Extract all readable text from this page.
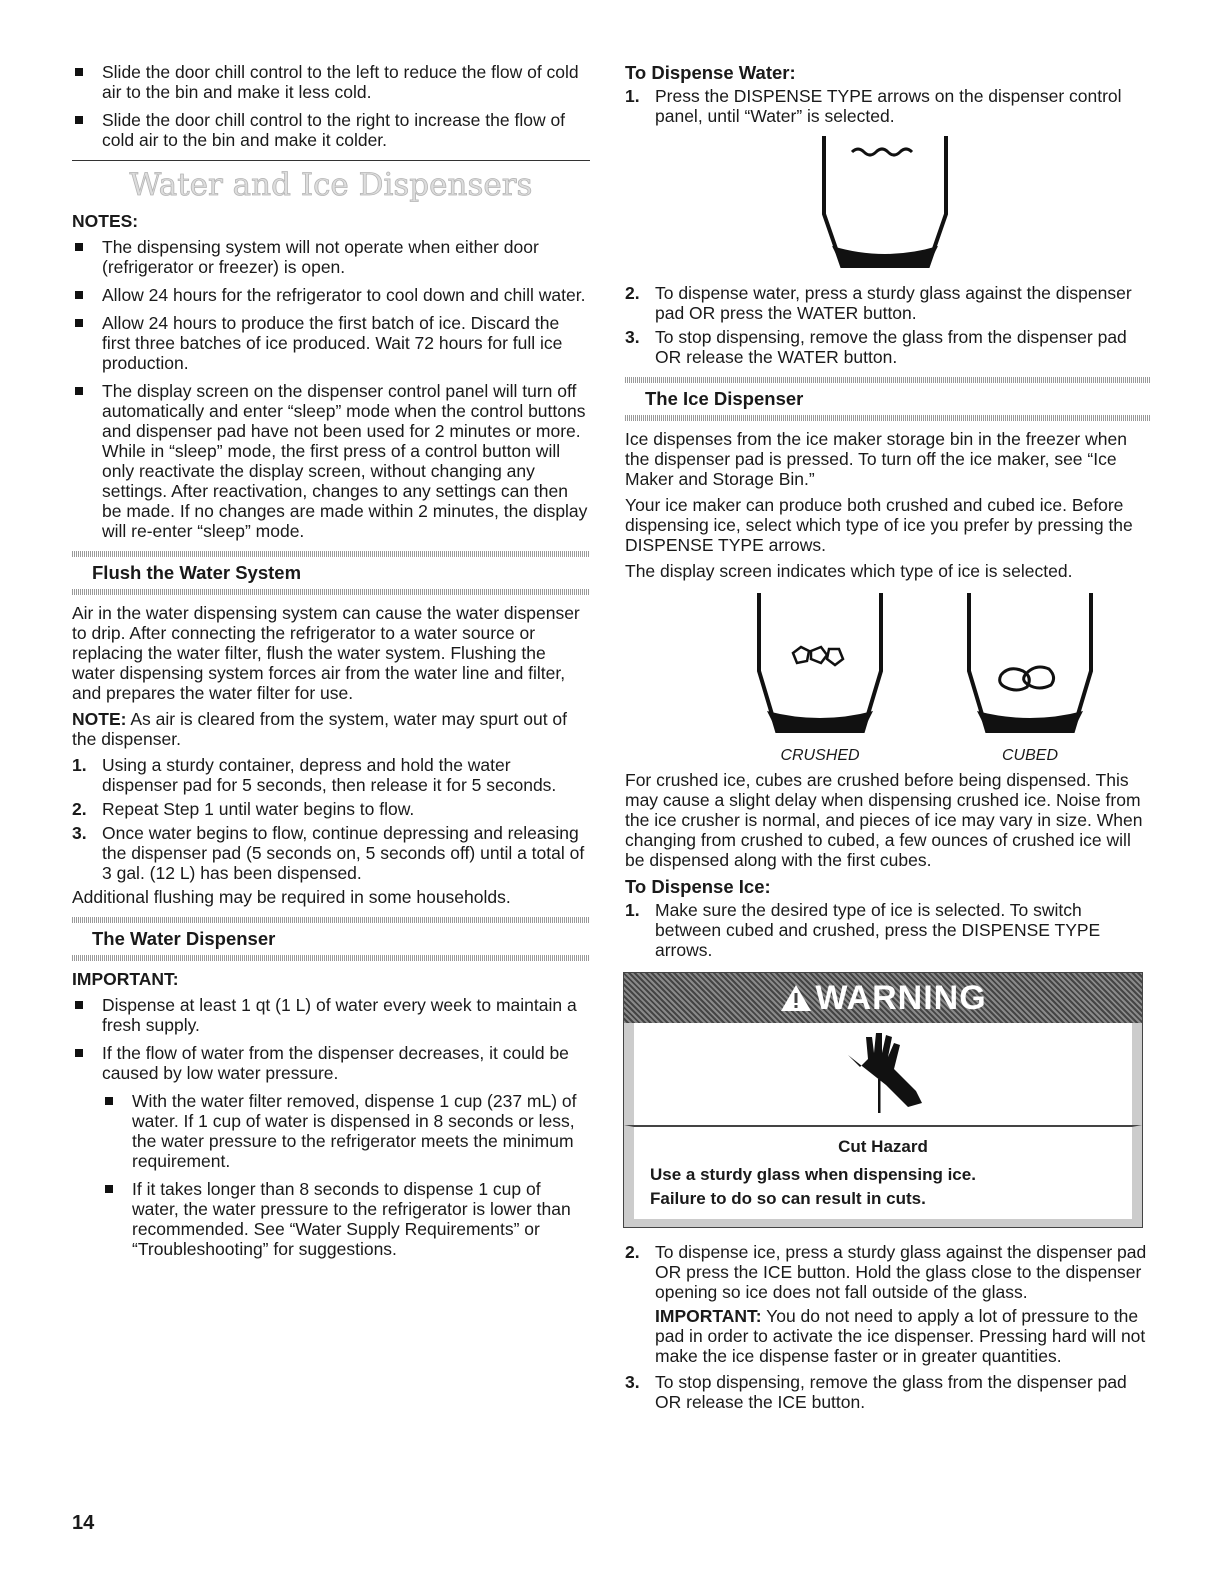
Slide the door chill control to the left to reduce the flow of cold air to the bin and make it less cold.

Slide the door chill control to the right to increase the flow of cold air to the bin and make it colder.

Water and Ice Dispensers
NOTES:

The dispensing system will not operate when either door (refrigerator or freezer) is open.

Allow 24 hours for the refrigerator to cool down and chill water.

Allow 24 hours to produce the first batch of ice. Discard the first three batches of ice produced. Wait 72 hours for full ice production.

The display screen on the dispenser control panel will turn off automatically and enter “sleep” mode when the control buttons and dispenser pad have not been used for 2 minutes or more. While in “sleep” mode, the first press of a control button will only reactivate the display screen, without changing any settings. After reactivation, changes to any settings can then be made. If no changes are made within 2 minutes, the display will re-enter “sleep” mode.

Flush the Water System

Air in the water dispensing system can cause the water dispenser to drip. After connecting the refrigerator to a water source or replacing the water filter, flush the water system. Flushing the water dispensing system forces air from the water line and filter, and prepares the water filter for use.

NOTE: As air is cleared from the system, water may spurt out of the dispenser.

1. Using a sturdy container, depress and hold the water dispenser pad for 5 seconds, then release it for 5 seconds.
2. Repeat Step 1 until water begins to flow.
3. Once water begins to flow, continue depressing and releasing the dispenser pad (5 seconds on, 5 seconds off) until a total of 3 gal. (12 L) has been dispensed.

Additional flushing may be required in some households.

The Water Dispenser
IMPORTANT:

Dispense at least 1 qt (1 L) of water every week to maintain a fresh supply.

If the flow of water from the dispenser decreases, it could be caused by low water pressure.

With the water filter removed, dispense 1 cup (237 mL) of water. If 1 cup of water is dispensed in 8 seconds or less, the water pressure to the refrigerator meets the minimum requirement.

If it takes longer than 8 seconds to dispense 1 cup of water, the water pressure to the refrigerator is lower than recommended. See “Water Supply Requirements” or “Troubleshooting” for suggestions.

To Dispense Water:
1. Press the DISPENSE TYPE arrows on the dispenser control panel, until “Water” is selected.
2. To dispense water, press a sturdy glass against the dispenser pad OR press the WATER button.
3. To stop dispensing, remove the glass from the dispenser pad OR release the WATER button.
The Ice Dispenser

Ice dispenses from the ice maker storage bin in the freezer when the dispenser pad is pressed. To turn off the ice maker, see “Ice Maker and Storage Bin.”

Your ice maker can produce both crushed and cubed ice. Before dispensing ice, select which type of ice you prefer by pressing the DISPENSE TYPE arrows.

The display screen indicates which type of ice is selected.

CRUSHED	CUBED

For crushed ice, cubes are crushed before being dispensed. This may cause a slight delay when dispensing crushed ice. Noise from the ice crusher is normal, and pieces of ice may vary in size. When changing from crushed to cubed, a few ounces of crushed ice will be dispensed along with the first cubes.

To Dispense Ice:
1. Make sure the desired type of ice is selected. To switch between cubed and crushed, press the DISPENSE TYPE arrows.
WARNING
Cut Hazard
Use a sturdy glass when dispensing ice.
Failure to do so can result in cuts.
2. To dispense ice, press a sturdy glass against the dispenser pad OR press the ICE button. Hold the glass close to the dispenser opening so ice does not fall outside of the glass.

IMPORTANT: You do not need to apply a lot of pressure to the pad in order to activate the ice dispenser. Pressing hard will not make the ice dispense faster or in greater quantities.

3. To stop dispensing, remove the glass from the dispenser pad OR release the ICE button.
14
